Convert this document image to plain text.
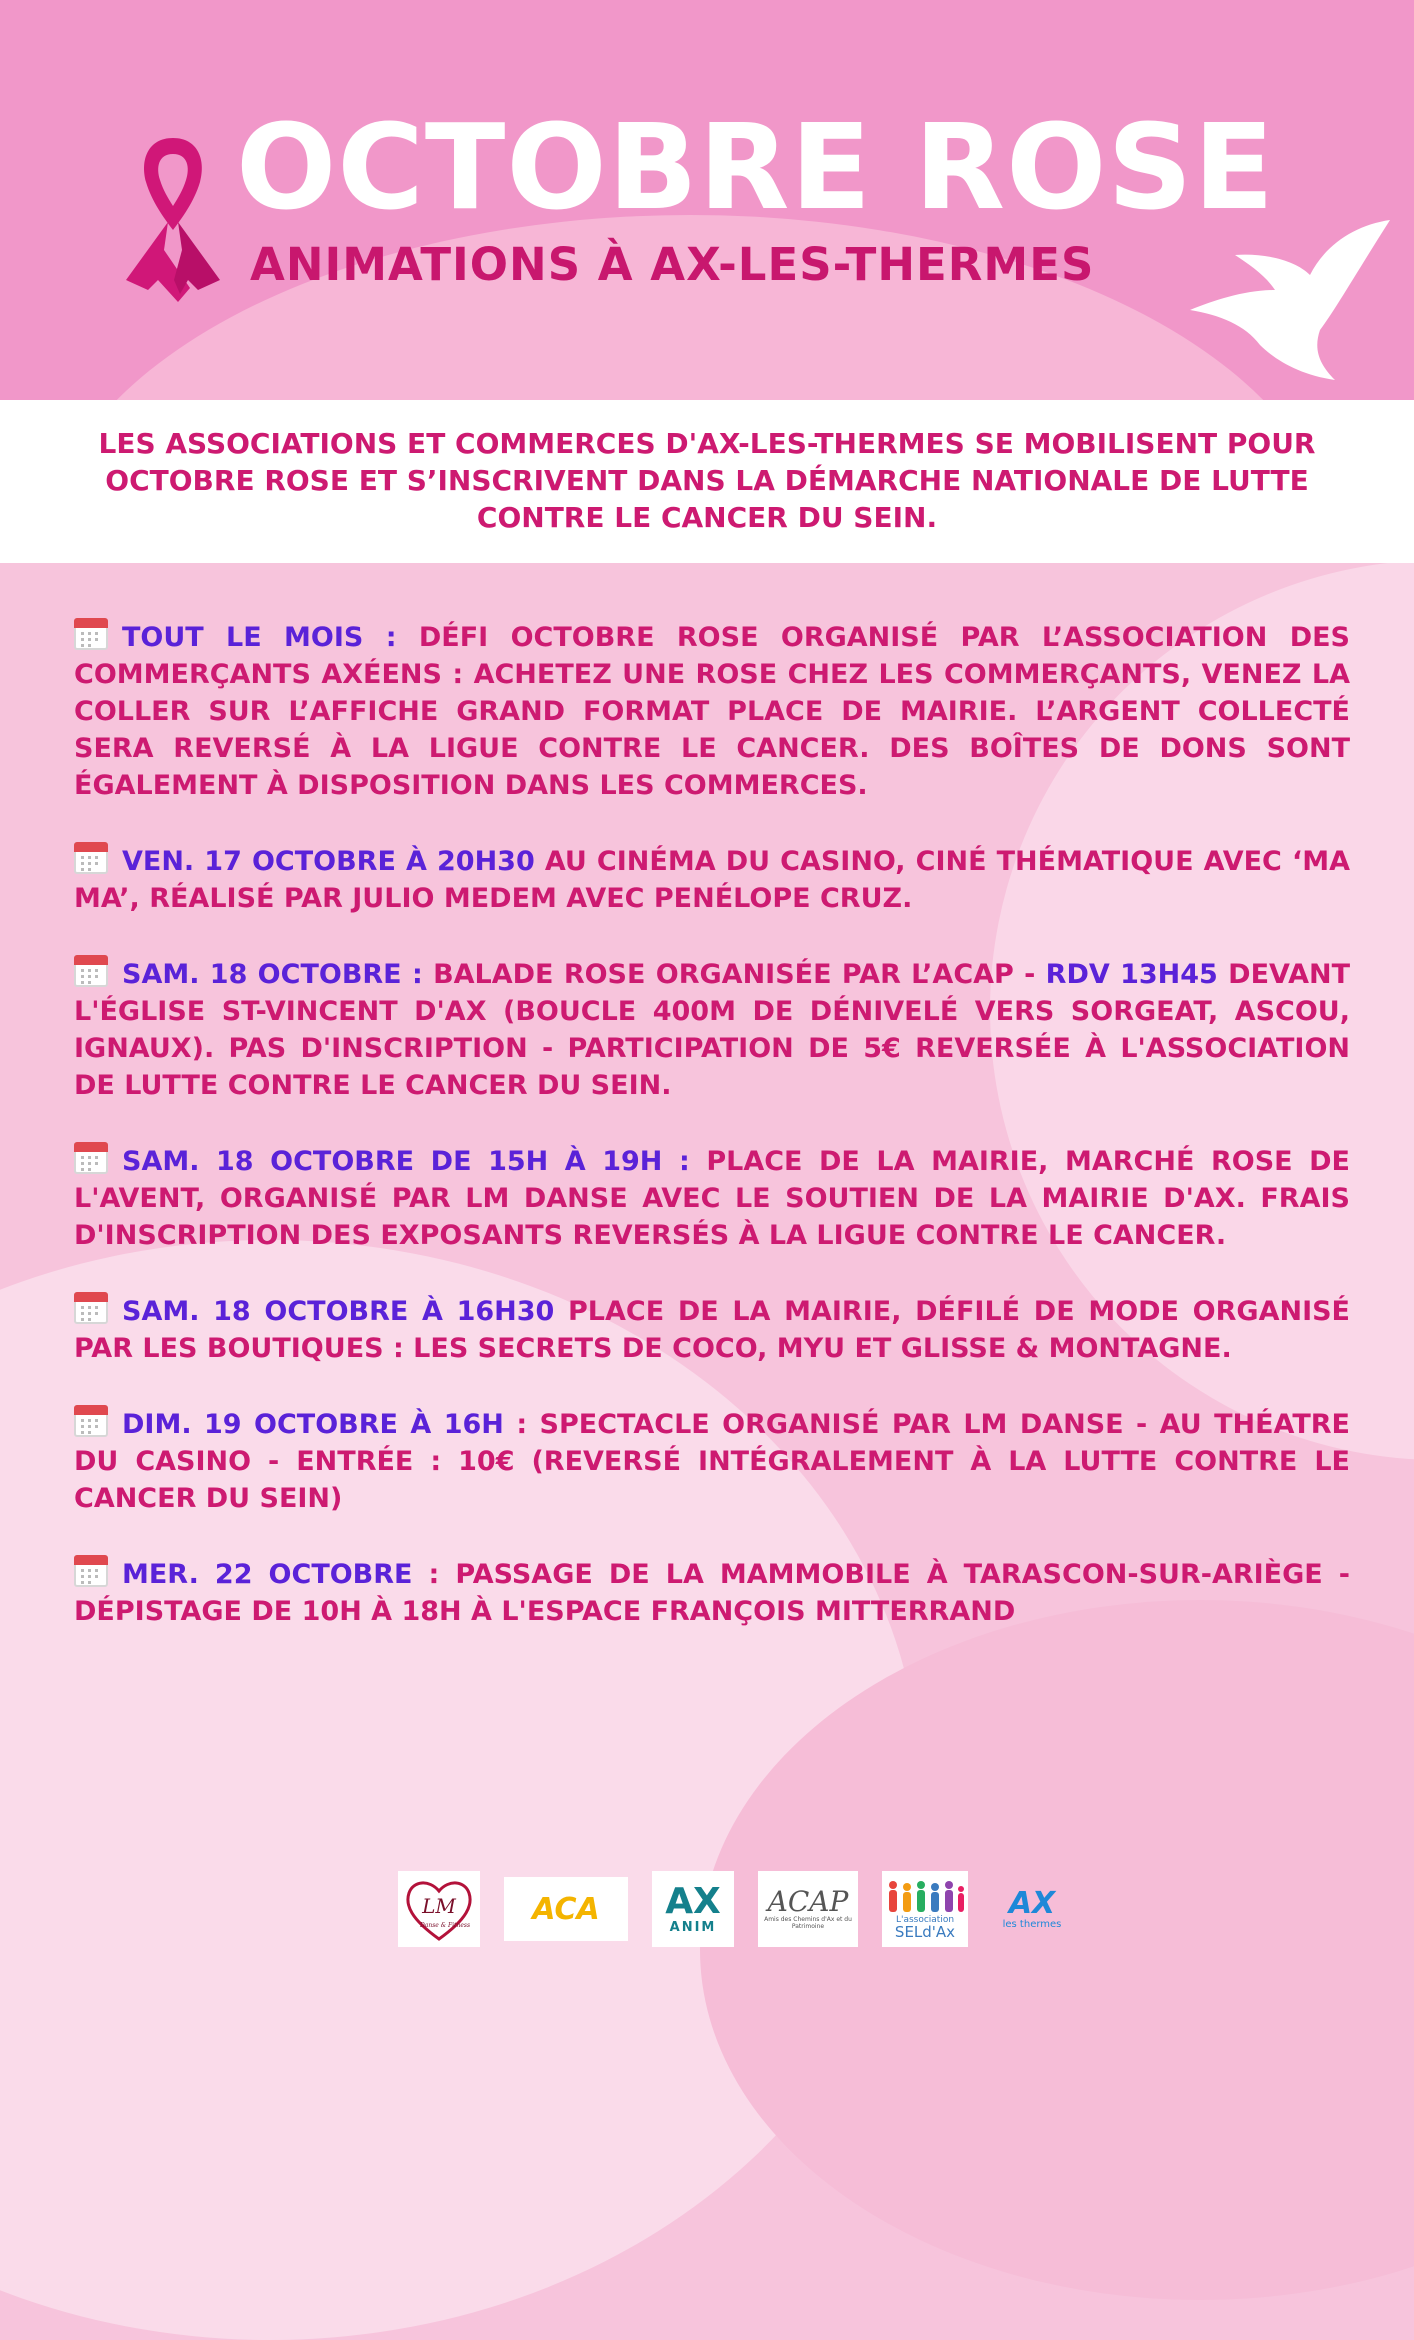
OCTOBRE ROSE
ANIMATIONS À AX-LES-THERMES

LES ASSOCIATIONS ET COMMERCES D'AX-LES-THERMES SE MOBILISENT POUR OCTOBRE ROSE ET S’INSCRIVENT DANS LA DÉMARCHE NATIONALE DE LUTTE CONTRE LE CANCER DU SEIN.

TOUT LE MOIS : DÉFI OCTOBRE ROSE ORGANISÉ PAR L’ASSOCIATION DES COMMERÇANTS AXÉENS : ACHETEZ UNE ROSE CHEZ LES COMMERÇANTS, VENEZ LA COLLER SUR L’AFFICHE GRAND FORMAT PLACE DE MAIRIE. L’ARGENT COLLECTÉ SERA REVERSÉ À LA LIGUE CONTRE LE CANCER. DES BOÎTES DE DONS SONT ÉGALEMENT À DISPOSITION DANS LES COMMERCES.

VEN. 17 OCTOBRE À 20H30 AU CINÉMA DU CASINO, CINÉ THÉMATIQUE AVEC ‘MA MA’, RÉALISÉ PAR JULIO MEDEM AVEC PENÉLOPE CRUZ.

SAM. 18 OCTOBRE : BALADE ROSE ORGANISÉE PAR L’ACAP - RDV 13H45 DEVANT L'ÉGLISE ST-VINCENT D'AX (BOUCLE 400M DE DÉNIVELÉ VERS SORGEAT, ASCOU, IGNAUX). PAS D'INSCRIPTION - PARTICIPATION DE 5€ REVERSÉE À L'ASSOCIATION DE LUTTE CONTRE LE CANCER DU SEIN.

SAM. 18 OCTOBRE DE 15H À 19H : PLACE DE LA MAIRIE, MARCHÉ ROSE DE L'AVENT, ORGANISÉ PAR LM DANSE AVEC LE SOUTIEN DE LA MAIRIE D'AX. FRAIS D'INSCRIPTION DES EXPOSANTS REVERSÉS À LA LIGUE CONTRE LE CANCER.

SAM. 18 OCTOBRE À 16H30 PLACE DE LA MAIRIE, DÉFILÉ DE MODE ORGANISÉ PAR LES BOUTIQUES : LES SECRETS DE COCO, MYU ET GLISSE & MONTAGNE.

DIM. 19 OCTOBRE À 16H : SPECTACLE ORGANISÉ PAR LM DANSE - AU THÉATRE DU CASINO - ENTRÉE : 10€ (REVERSÉ INTÉGRALEMENT À LA LUTTE CONTRE LE CANCER DU SEIN)

MER. 22 OCTOBRE : PASSAGE DE LA MAMMOBILE À TARASCON-SUR-ARIÈGE - DÉPISTAGE DE 10H À 18H À L'ESPACE FRANÇOIS MITTERRAND

LM
Danse & Fitness	ACA	AX
ANIM
ACAP
Amis des Chemins d'Ax et du Patrimoine
L'association
SELd'Ax
AX
les thermes
